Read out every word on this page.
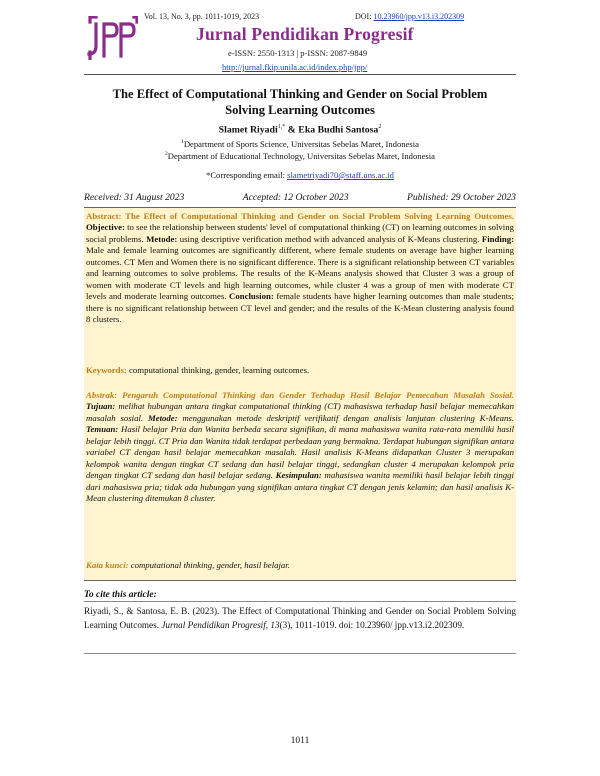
Vol. 13, No. 3, pp. 1011-1019, 2023	DOI: 10.23960/jpp.v13.i3.202309
Jurnal Pendidikan Progresif
e-ISSN: 2550-1313 | p-ISSN: 2087-9849
http://jurnal.fkip.unila.ac.id/index.php/jpp/
The Effect of Computational Thinking and Gender on Social Problem
Solving Learning Outcomes
Slamet Riyadi$^{1,*}$ & Eka Budhi Santosa$^2$
$^1$Department of Sports Science, Universitas Sebelas Maret, Indonesia
$^2$Department of Educational Technology, Universitas Sebelas Maret, Indonesia
*Corresponding email: slametriyadi70@staff.uns.ac.id
Received: 31 August 2023	Accepted: 12 October 2023	Published: 29 October 2023
Abstract: The Effect of Computational Thinking and Gender on Social Problem Solving Learning Outcomes. Objective: to see the relationship between students' level of computational thinking (CT) on learning outcomes in solving social problems. Metode: using descriptive verification method with advanced analysis of K-Means clustering. Finding: Male and female learning outcomes are significantly different, where female students on average have higher learning outcomes. CT Men and Women there is no significant difference. There is a significant relationship between CT variables and learning outcomes to solve problems. The results of the K-Means analysis showed that Cluster 3 was a group of women with moderate CT levels and high learning outcomes, while cluster 4 was a group of men with moderate CT levels and moderate learning outcomes. Conclusion: female students have higher learning outcomes than male students; there is no significant relationship between CT level and gender; and the results of the K-Mean clustering analysis found 8 clusters.
Keywords: computational thinking, gender, learning outcomes.
Abstrak: Pengaruh Computational Thinking dan Gender Terhadap Hasil Belajar Pemecahan Masalah Sosial. Tujuan: melihat hubungan antara tingkat computational thinking (CT) mahasiswa terhadap hasil belajar memecahkan masalah sosial. Metode: menggunakan metode deskriptif verifikatif dengan analisis lanjutan clustering K-Means. Temuan: Hasil belajar Pria dan Wanita berbeda secara signifikan, di mana mahasiswa wanita rata-rata memiliki hasil belajar lebih tinggi. CT Pria dan Wanita tidak terdapat perbedaan yang bermakna. Terdapat hubungan signifikan antara variabel CT dengan hasil belajar memecahkan masalah. Hasil analisis K-Means didapatkan Cluster 3 merupakan kelompok wanita dengan tingkat CT sedang dan hasil belajar tinggi, sedangkan cluster 4 merupakan kelompok pria dengan tingkat CT sedang dan hasil belajar sedang. Kesimpulan: mahasiswa wanita memiliki hasil belajar lebih tinggi dari mahasiswa pria; tidak ada hubungan yang signifikan antara tingkat CT dengan jenis kelamin; dan hasil analisis K-Mean clustering ditemukan 8 cluster.
Kata kunci: computational thinking, gender, hasil belajar.
To cite this article:
Riyadi, S., & Santosa, E. B. (2023). The Effect of Computational Thinking and Gender on Social Problem Solving Learning Outcomes. Jurnal Pendidikan Progresif, 13(3), 1011-1019. doi: 10.23960/ jpp.v13.i2.202309.
1011
